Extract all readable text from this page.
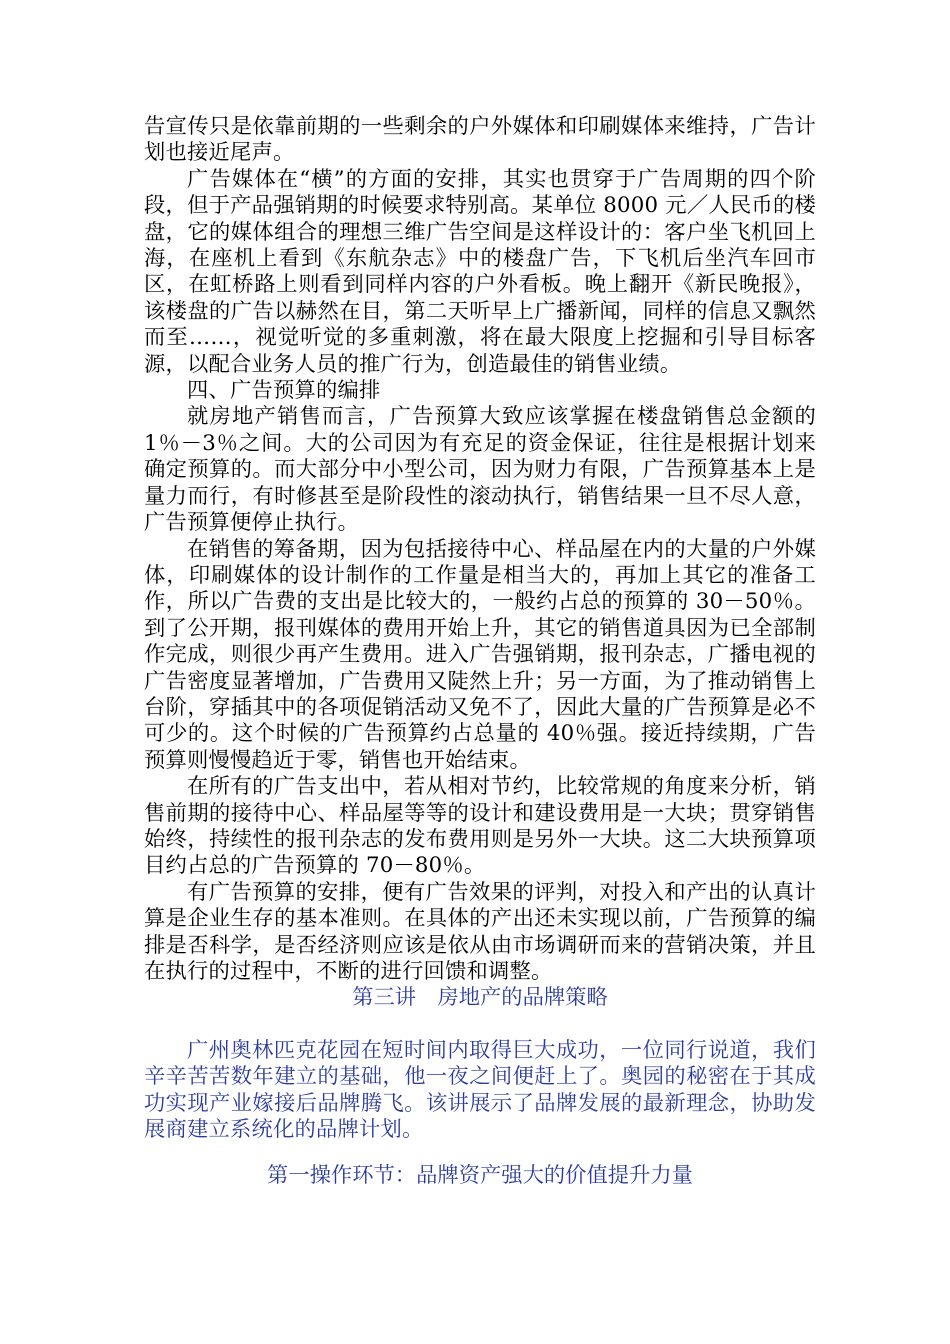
告宣传只是依靠前期的一些剩余的户外媒体和印刷媒体来维持，广告计划也接近尾声。

广告媒体在“横”的方面的安排，其实也贯穿于广告周期的四个阶段，但于产品强销期的时候要求特别高。某单位 8000 元／人民币的楼盘，它的媒体组合的理想三维广告空间是这样设计的：客户坐飞机回上海，在座机上看到《东航杂志》中的楼盘广告，下飞机后坐汽车回市区，在虹桥路上则看到同样内容的户外看板。晚上翻开《新民晚报》，该楼盘的广告以赫然在目，第二天听早上广播新闻，同样的信息又飘然而至……，视觉听觉的多重刺激，将在最大限度上挖掘和引导目标客源，以配合业务人员的推广行为，创造最佳的销售业绩。

四、广告预算的编排

就房地产销售而言，广告预算大致应该掌握在楼盘销售总金额的 1％－3％之间。大的公司因为有充足的资金保证，往往是根据计划来确定预算的。而大部分中小型公司，因为财力有限，广告预算基本上是量力而行，有时修甚至是阶段性的滚动执行，销售结果一旦不尽人意，广告预算便停止执行。

在销售的筹备期，因为包括接待中心、样品屋在内的大量的户外媒体，印刷媒体的设计制作的工作量是相当大的，再加上其它的准备工作，所以广告费的支出是比较大的，一般约占总的预算的 30－50％。到了公开期，报刊媒体的费用开始上升，其它的销售道具因为已全部制作完成，则很少再产生费用。进入广告强销期，报刊杂志，广播电视的广告密度显著增加，广告费用又陡然上升；另一方面，为了推动销售上台阶，穿插其中的各项促销活动又免不了，因此大量的广告预算是必不可少的。这个时候的广告预算约占总量的 40％强。接近持续期，广告预算则慢慢趋近于零，销售也开始结束。

在所有的广告支出中，若从相对节约，比较常规的角度来分析，销售前期的接待中心、样品屋等等的设计和建设费用是一大块；贯穿销售始终，持续性的报刊杂志的发布费用则是另外一大块。这二大块预算项目约占总的广告预算的 70－80％。

有广告预算的安排，便有广告效果的评判，对投入和产出的认真计算是企业生存的基本准则。在具体的产出还未实现以前，广告预算的编排是否科学，是否经济则应该是依从由市场调研而来的营销决策，并且在执行的过程中，不断的进行回馈和调整。

第三讲　房地产的品牌策略

广州奥林匹克花园在短时间内取得巨大成功，一位同行说道，我们辛辛苦苦数年建立的基础，他一夜之间便赶上了。奥园的秘密在于其成功实现产业嫁接后品牌腾飞。该讲展示了品牌发展的最新理念，协助发展商建立系统化的品牌计划。

第一操作环节：品牌资产强大的价值提升力量
